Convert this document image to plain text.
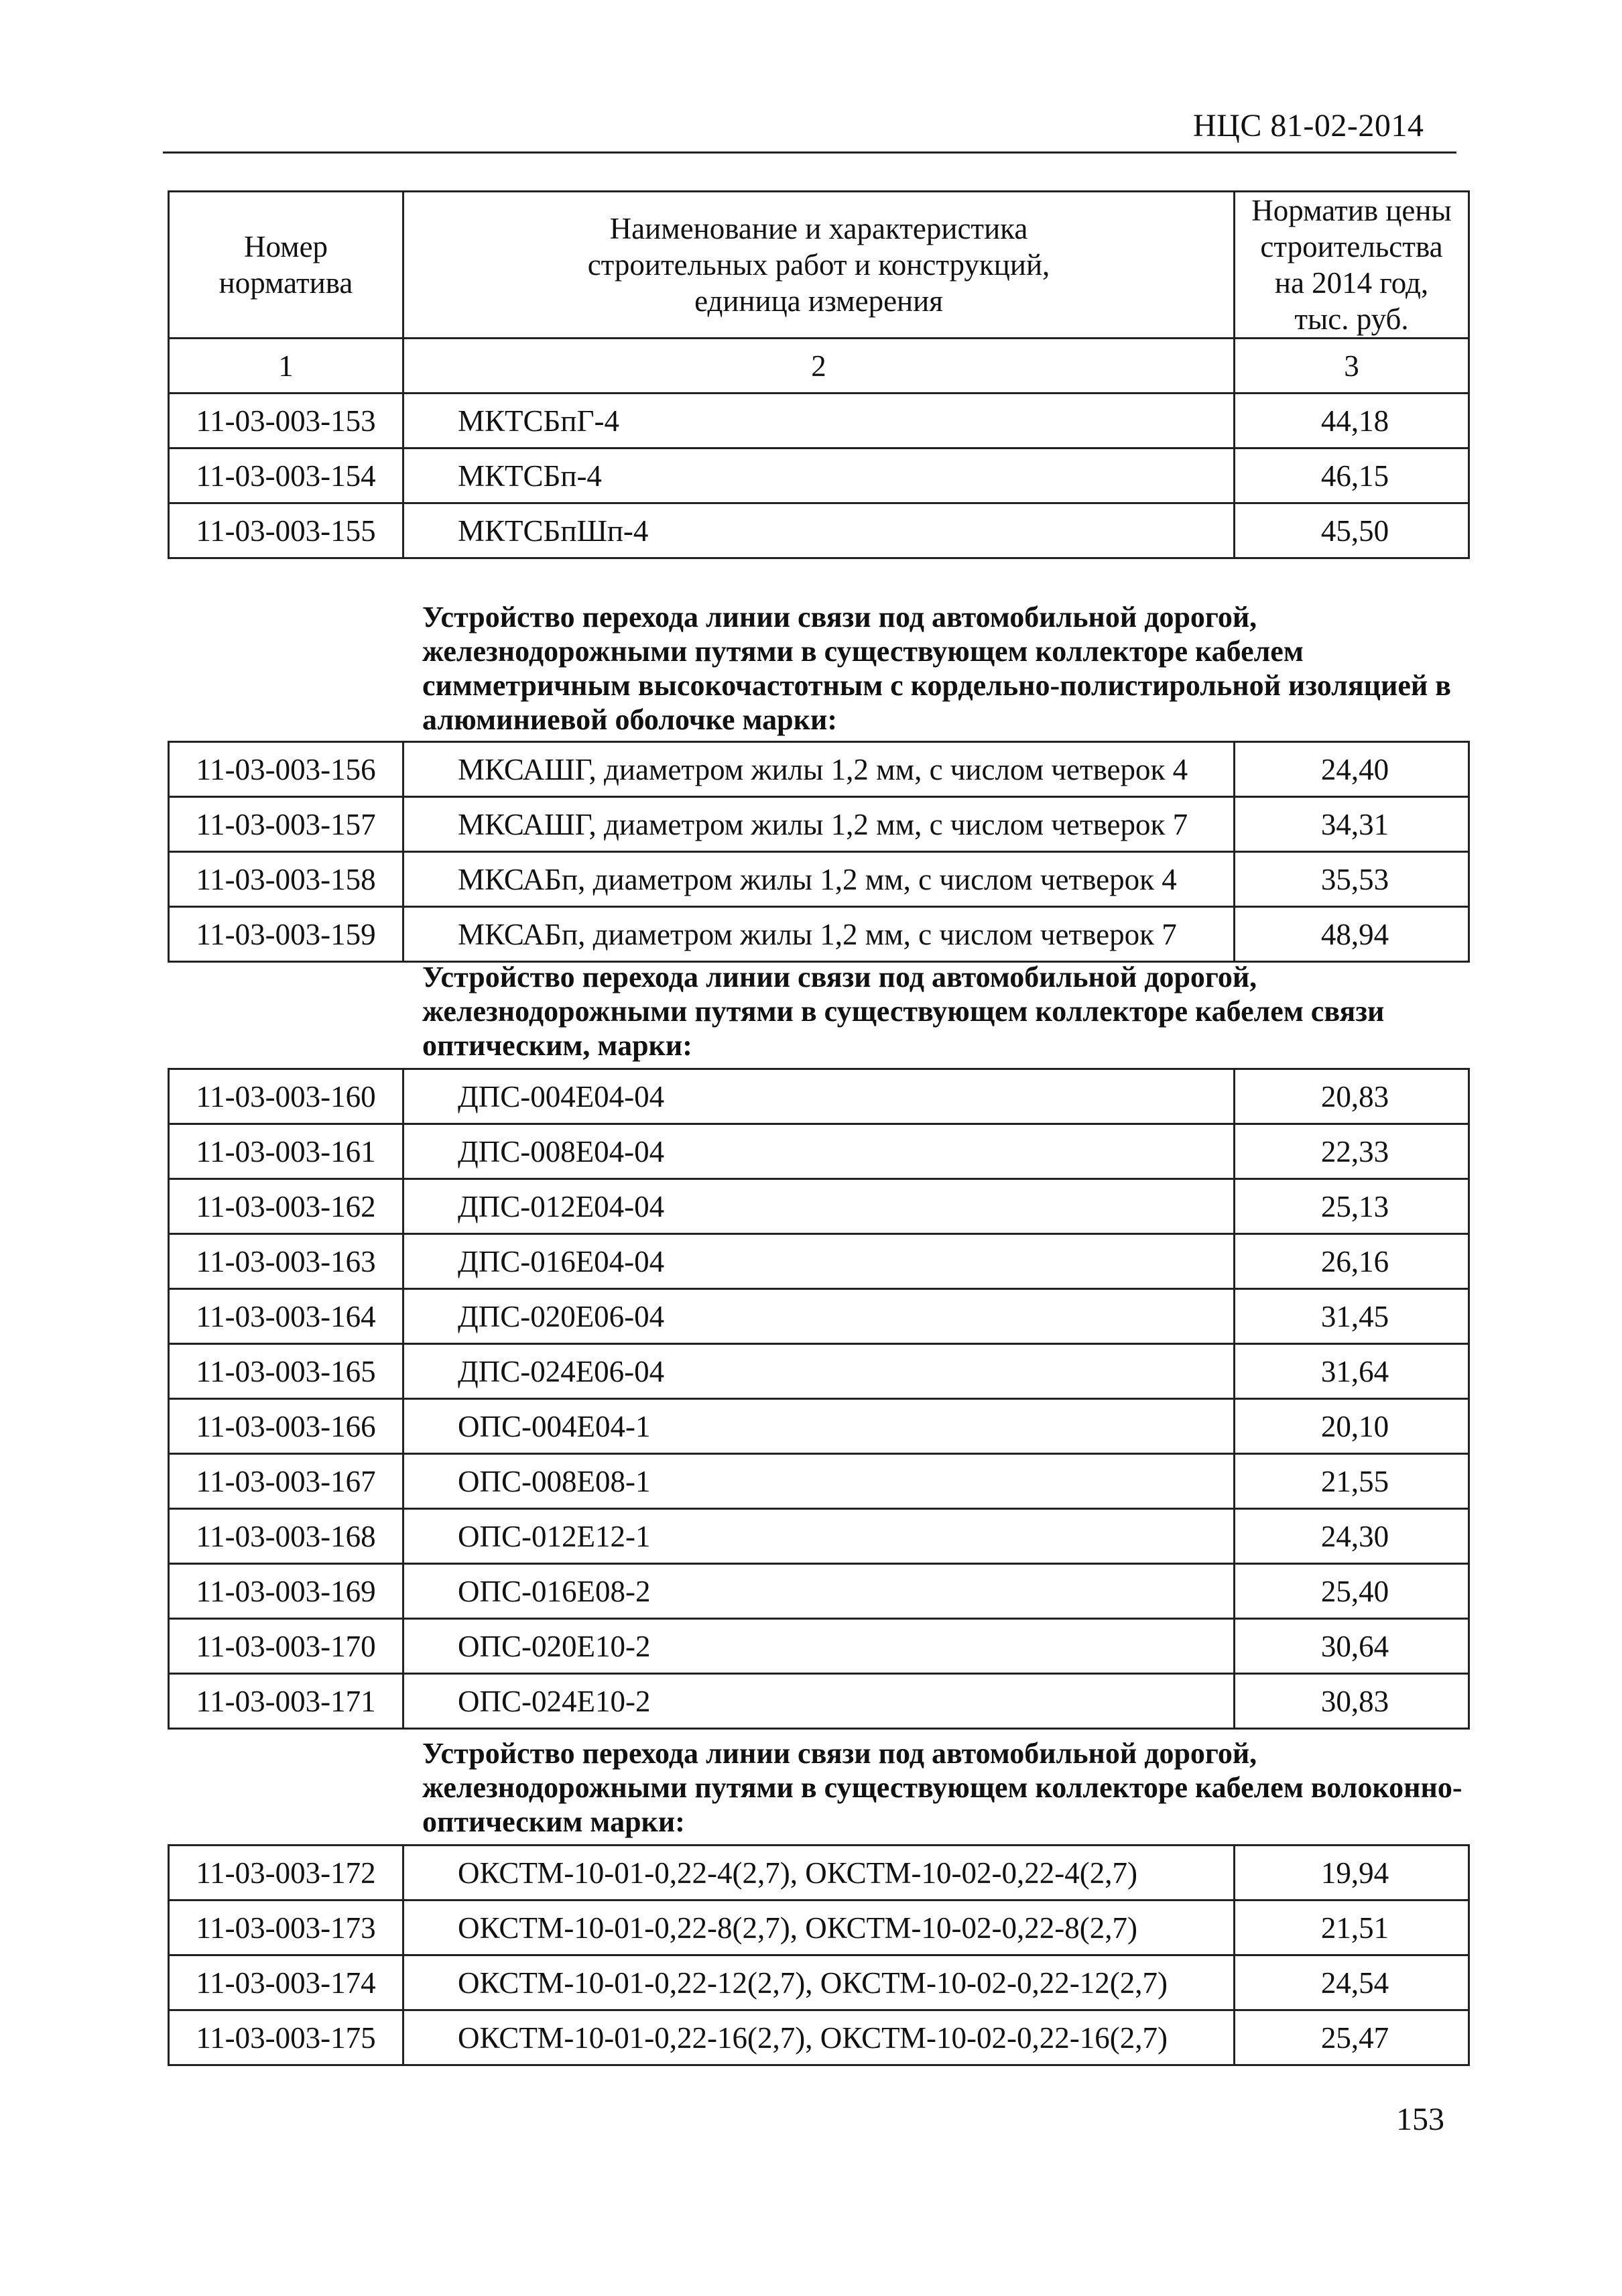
НЦС 81-02-2014
Номер норматива	Наименование и характеристика строительных работ и конструкций, единица измерения	Норматив цены строительства на 2014 год, тыс. руб.
1	2	3
11-03-003-153	МКТСБпГ-4	44,18
11-03-003-154	МКТСБп-4	46,15
11-03-003-155	МКТСБпШп-4	45,50
Устройство перехода линии связи под автомобильной дорогой, железнодорожными путями в существующем коллекторе кабелем симметричным высокочастотным с кордельно-полистирольной изоляцией в алюминиевой оболочке марки:
11-03-003-156	МКСАШГ, диаметром жилы 1,2 мм, с числом четверок 4	24,40
11-03-003-157	МКСАШГ, диаметром жилы 1,2 мм, с числом четверок 7	34,31
11-03-003-158	МКСАБп, диаметром жилы 1,2 мм, с числом четверок 4	35,53
11-03-003-159	МКСАБп, диаметром жилы 1,2 мм, с числом четверок 7	48,94
Устройство перехода линии связи под автомобильной дорогой, железнодорожными путями в существующем коллекторе кабелем связи оптическим, марки:
11-03-003-160	ДПС-004Е04-04	20,83
11-03-003-161	ДПС-008Е04-04	22,33
11-03-003-162	ДПС-012Е04-04	25,13
11-03-003-163	ДПС-016Е04-04	26,16
11-03-003-164	ДПС-020Е06-04	31,45
11-03-003-165	ДПС-024Е06-04	31,64
11-03-003-166	ОПС-004Е04-1	20,10
11-03-003-167	ОПС-008Е08-1	21,55
11-03-003-168	ОПС-012Е12-1	24,30
11-03-003-169	ОПС-016Е08-2	25,40
11-03-003-170	ОПС-020Е10-2	30,64
11-03-003-171	ОПС-024Е10-2	30,83
Устройство перехода линии связи под автомобильной дорогой, железнодорожными путями в существующем коллекторе кабелем волоконно-оптическим марки:
11-03-003-172	ОКСТМ-10-01-0,22-4(2,7), ОКСТМ-10-02-0,22-4(2,7)	19,94
11-03-003-173	ОКСТМ-10-01-0,22-8(2,7), ОКСТМ-10-02-0,22-8(2,7)	21,51
11-03-003-174	ОКСТМ-10-01-0,22-12(2,7), ОКСТМ-10-02-0,22-12(2,7)	24,54
11-03-003-175	ОКСТМ-10-01-0,22-16(2,7), ОКСТМ-10-02-0,22-16(2,7)	25,47
153
